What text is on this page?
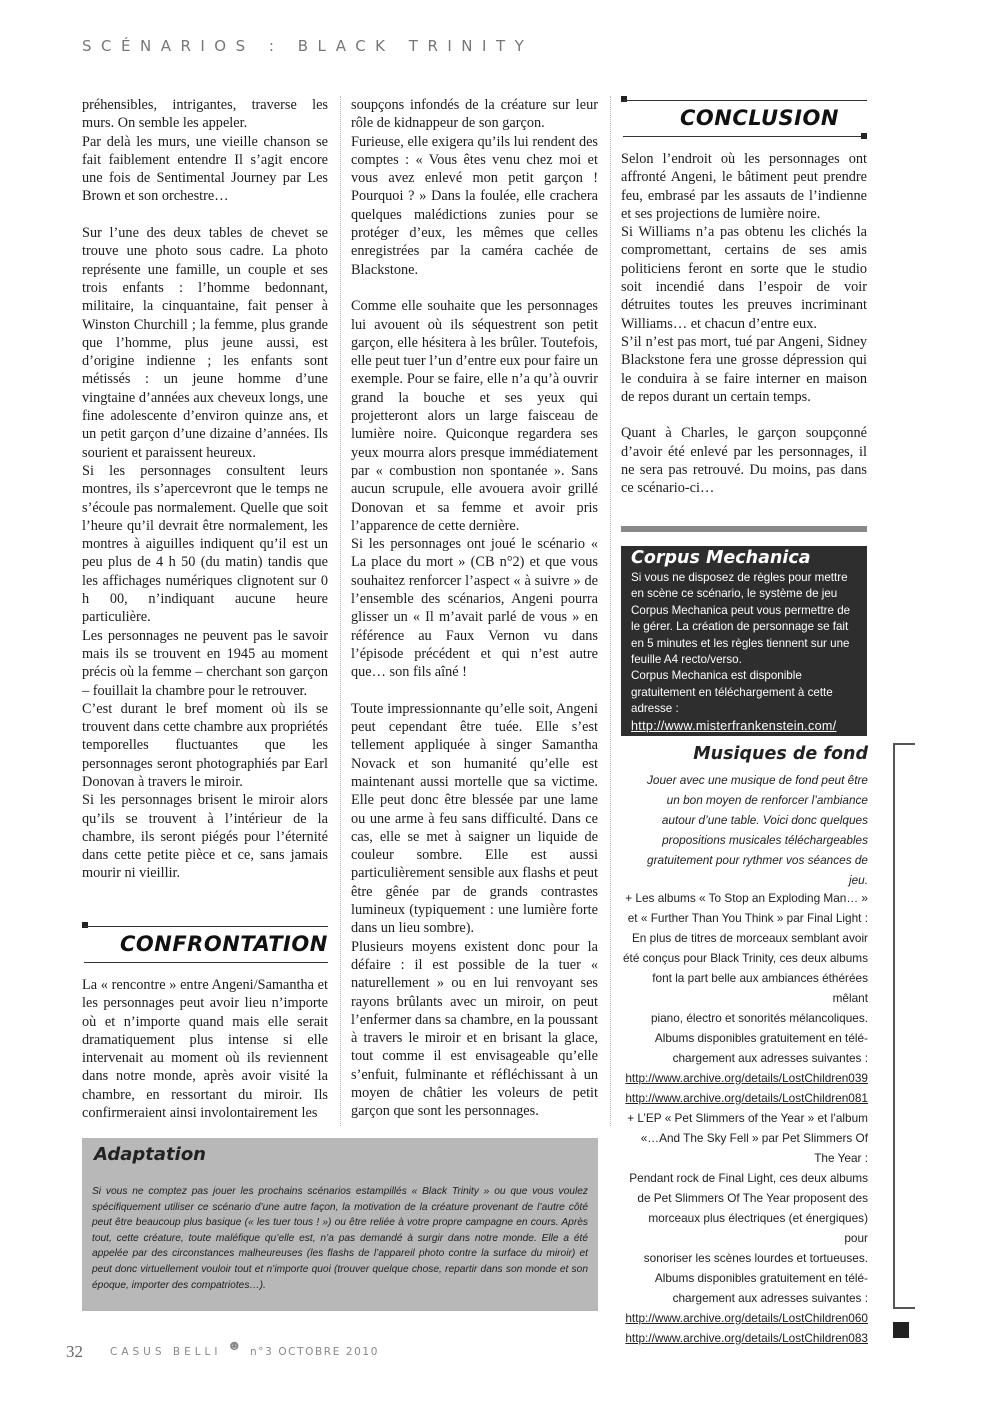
SCÉNARIOS : BLACK TRINITY

préhensibles, intrigantes, traverse les murs. On semble les appeler.

Par delà les murs, une vieille chanson se fait faiblement entendre Il s’agit encore une fois de Sentimental Journey par Les Brown et son orchestre…

Sur l’une des deux tables de chevet se trouve une photo sous cadre. La photo représente une famille, un couple et ses trois enfants : l’homme bedonnant, militaire, la cinquantaine, fait penser à Winston Churchill ; la femme, plus grande que l’homme, plus jeune aussi, est d’origine indienne ; les enfants sont métissés : un jeune homme d’une vingtaine d’années aux cheveux longs, une fine adolescente d’environ quinze ans, et un petit garçon d’une dizaine d’années. Ils sourient et paraissent heureux.

Si les personnages consultent leurs montres, ils s’apercevront que le temps ne s’écoule pas normalement. Quelle que soit l’heure qu’il devrait être normalement, les montres à aiguilles indiquent qu’il est un peu plus de 4 h 50 (du matin) tandis que les affichages numériques clignotent sur 0 h 00, n’indiquant aucune heure particulière.

Les personnages ne peuvent pas le savoir mais ils se trouvent en 1945 au moment précis où la femme – cherchant son garçon – fouillait la chambre pour le retrouver.

C’est durant le bref moment où ils se trouvent dans cette chambre aux propriétés temporelles fluctuantes que les personnages seront photographiés par Earl Donovan à travers le miroir.

Si les personnages brisent le miroir alors qu’ils se trouvent à l’intérieur de la chambre, ils seront piégés pour l’éternité dans cette petite pièce et ce, sans jamais mourir ni vieillir.

CONFRONTATION

La « rencontre » entre Angeni/Samantha et les personnages peut avoir lieu n’importe où et n’importe quand mais elle serait dramatiquement plus intense si elle intervenait au moment où ils reviennent dans notre monde, après avoir visité la chambre, en ressortant du miroir. Ils confirmeraient ainsi involontairement les

soupçons infondés de la créature sur leur rôle de kidnappeur de son garçon.

Furieuse, elle exigera qu’ils lui rendent des comptes : « Vous êtes venu chez moi et vous avez enlevé mon petit garçon ! Pourquoi ? » Dans la foulée, elle crachera quelques malédictions zunies pour se protéger d’eux, les mêmes que celles enregistrées par la caméra cachée de Blackstone.

Comme elle souhaite que les personnages lui avouent où ils séquestrent son petit garçon, elle hésitera à les brûler. Toutefois, elle peut tuer l’un d’entre eux pour faire un exemple. Pour se faire, elle n’a qu’à ouvrir grand la bouche et ses yeux qui projetteront alors un large faisceau de lumière noire. Quiconque regardera ses yeux mourra alors presque immédiatement par « combustion non spontanée ». Sans aucun scrupule, elle avouera avoir grillé Donovan et sa femme et avoir pris l’apparence de cette dernière.

Si les personnages ont joué le scénario « La place du mort » (CB n°2) et que vous souhaitez renforcer l’aspect « à suivre » de l’ensemble des scénarios, Angeni pourra glisser un « Il m’avait parlé de vous » en référence au Faux Vernon vu dans l’épisode précédent et qui n’est autre que… son fils aîné !

Toute impressionnante qu’elle soit, Angeni peut cependant être tuée. Elle s’est tellement appliquée à singer Samantha Novack et son humanité qu’elle est maintenant aussi mortelle que sa victime. Elle peut donc être blessée par une lame ou une arme à feu sans difficulté. Dans ce cas, elle se met à saigner un liquide de couleur sombre. Elle est aussi particulièrement sensible aux flashs et peut être gênée par de grands contrastes lumineux (typiquement : une lumière forte dans un lieu sombre).

Plusieurs moyens existent donc pour la défaire : il est possible de la tuer « naturellement » ou en lui renvoyant ses rayons brûlants avec un miroir, on peut l’enfermer dans sa chambre, en la poussant à travers le miroir et en brisant la glace, tout comme il est envisageable qu’elle s’enfuit, fulminante et réfléchissant à un moyen de châtier les voleurs de petit garçon que sont les personnages.

CONCLUSION

Selon l’endroit où les personnages ont affronté Angeni, le bâtiment peut prendre feu, embrasé par les assauts de l’indienne et ses projections de lumière noire.

Si Williams n’a pas obtenu les clichés la compromettant, certains de ses amis politiciens feront en sorte que le studio soit incendié dans l’espoir de voir détruites toutes les preuves incriminant Williams… et chacun d’entre eux.

S’il n’est pas mort, tué par Angeni, Sidney Blackstone fera une grosse dépression qui le conduira à se faire interner en maison de repos durant un certain temps.

Quant à Charles, le garçon soupçonné d’avoir été enlevé par les personnages, il ne sera pas retrouvé. Du moins, pas dans ce scénario-ci…

Corpus Mechanica
Si vous ne disposez de règles pour mettre en scène ce scénario, le système de jeu Corpus Mechanica peut vous permettre de le gérer. La création de personnage se fait en 5 minutes et les règles tiennent sur une feuille A4 recto/verso.
Corpus Mechanica est disponible gratuitement en téléchargement à cette adresse :
http://www.misterfrankenstein.com/
wordpress/?page_id=3
Musiques de fond
Jouer avec une musique de fond peut être un bon moyen de renforcer l’ambiance autour d’une table. Voici donc quelques propositions musicales téléchargeables gratuitement pour rythmer vos séances de jeu.
+ Les albums « To Stop an Exploding Man… »
et « Further Than You Think » par Final Light :
En plus de titres de morceaux semblant avoir
été conçus pour Black Trinity, ces deux albums
font la part belle aux ambiances éthérées mêlant
piano, électro et sonorités mélancoliques.
Albums disponibles gratuitement en télé-
chargement aux adresses suivantes :
http://www.archive.org/details/LostChildren039
http://www.archive.org/details/LostChildren081
+ L’EP « Pet Slimmers of the Year » et l’album
«…And The Sky Fell » par Pet Slimmers Of The Year :
Pendant rock de Final Light, ces deux albums
de Pet Slimmers Of The Year proposent des
morceaux plus électriques (et énergiques) pour
sonoriser les scènes lourdes et tortueuses.
Albums disponibles gratuitement en télé-
chargement aux adresses suivantes :
http://www.archive.org/details/LostChildren060
http://www.archive.org/details/LostChildren083
Adaptation
Si vous ne comptez pas jouer les prochains scénarios estampillés « Black Trinity » ou que vous voulez spécifiquement utiliser ce scénario d’une autre façon, la motivation de la créature provenant de l’autre côté peut être beaucoup plus basique (« les tuer tous ! ») ou être reliée à votre propre campagne en cours. Après tout, cette créature, toute maléfique qu’elle est, n’a pas demandé à surgir dans notre monde. Elle a été appelée par des circonstances malheureuses (les flashs de l’appareil photo contre la surface du miroir) et peut donc virtuellement vouloir tout et n’importe quoi (trouver quelque chose, repartir dans son monde et son époque, importer des compatriotes…).
32	CASUS BELLI ☻ n°3 OCTOBRE 2010
